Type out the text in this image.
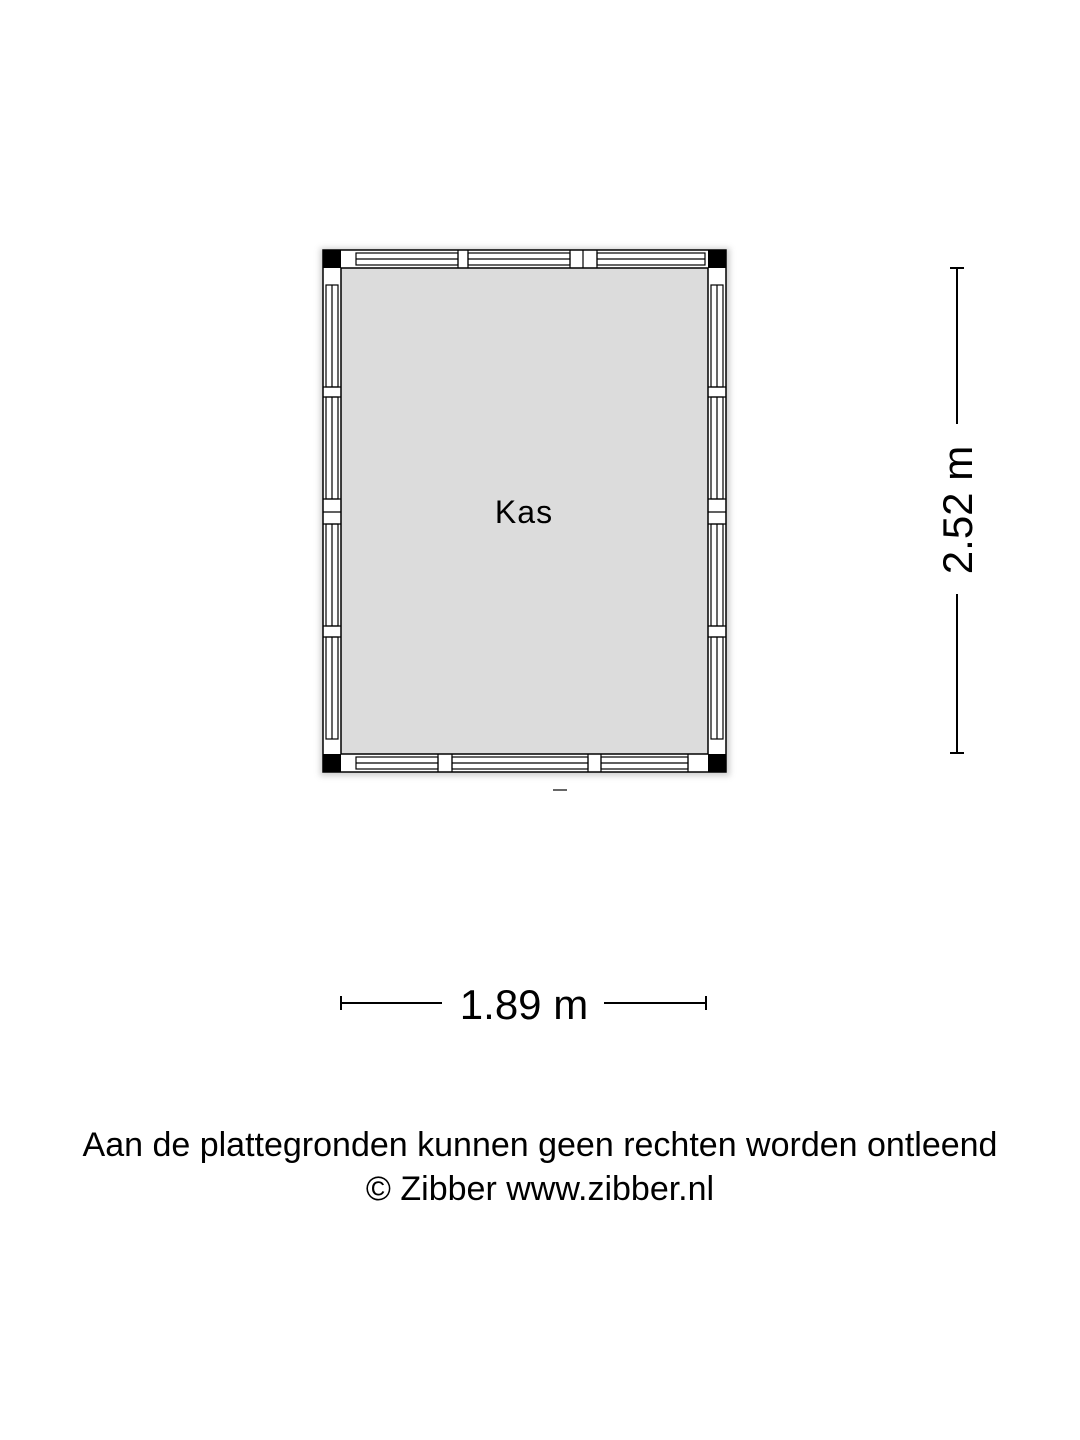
Kas	2.52 m
1.89 m
Aan de plattegronden kunnen geen rechten worden ontleend
© Zibber www.zibber.nl
